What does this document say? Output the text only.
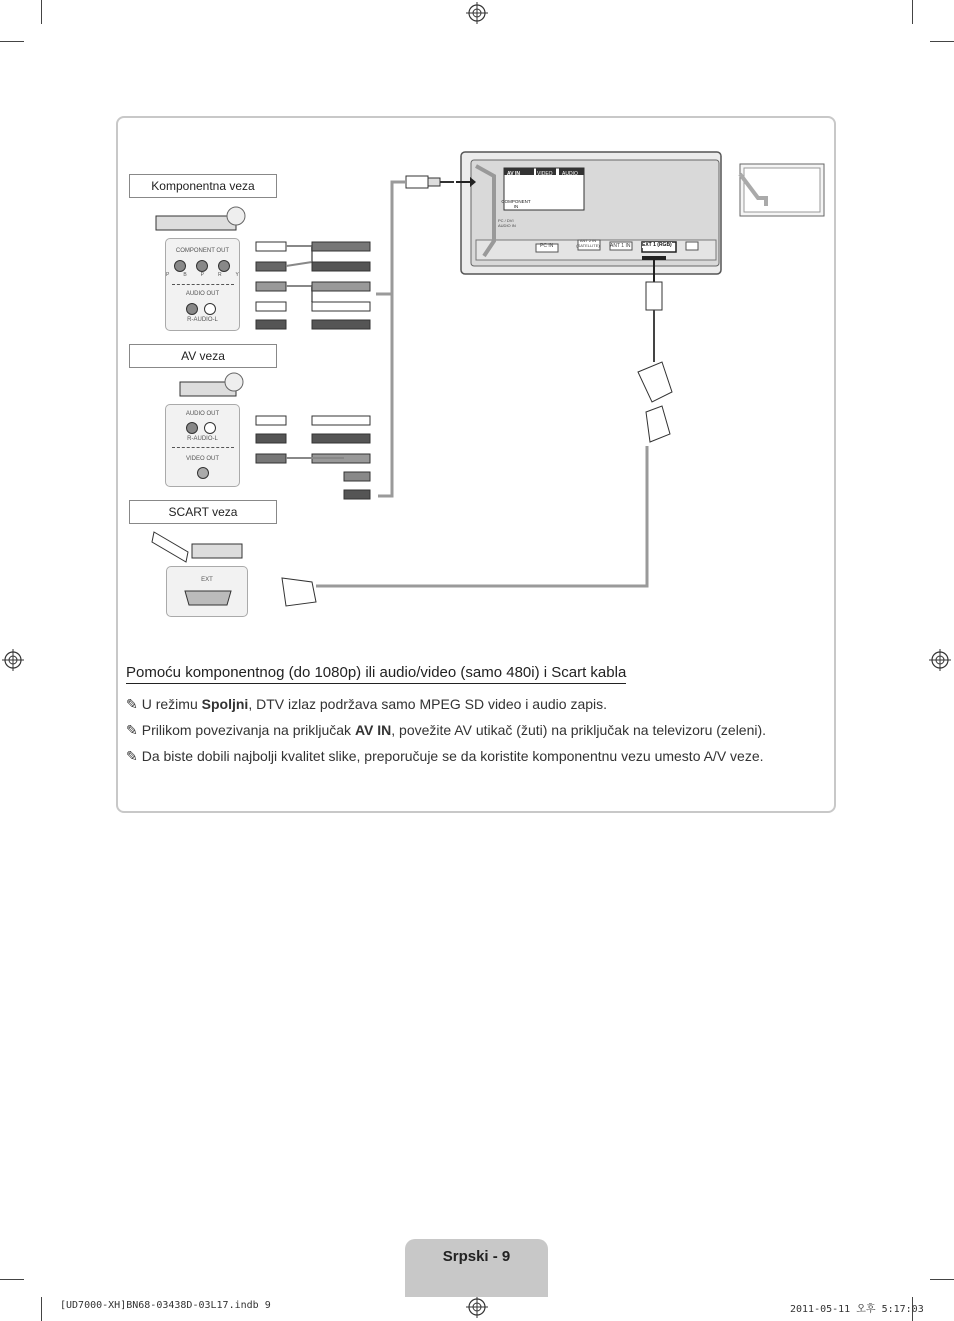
Komponentna veza
AV veza
SCART veza
COMPONENT OUT
PBPRY
AUDIO OUT
R-AUDIO-L
AUDIO OUT
R-AUDIO-L
VIDEO OUT
EXT
AV IN	VIDEO AUDIO
COMPONENT IN
PC / DVI AUDIO IN
PC IN
ANT 2 IN (SATELLITE) ANT 1 IN EXT 1 (RGB)
Pomoću komponentnog (do 1080p) ili audio/video (samo 480i) i Scart kabla
✎ U režimu Spoljni, DTV izlaz podržava samo MPEG SD video i audio zapis.
✎ Prilikom povezivanja na priključak AV IN, povežite AV utikač (žuti) na priključak na televizoru (zeleni).
✎ Da biste dobili najbolji kvalitet slike, preporučuje se da koristite komponentnu vezu umesto A/V veze.
Srpski - 9
[UD7000-XH]BN68-03438D-03L17.indb 9	2011-05-11 오후 5:17:03
